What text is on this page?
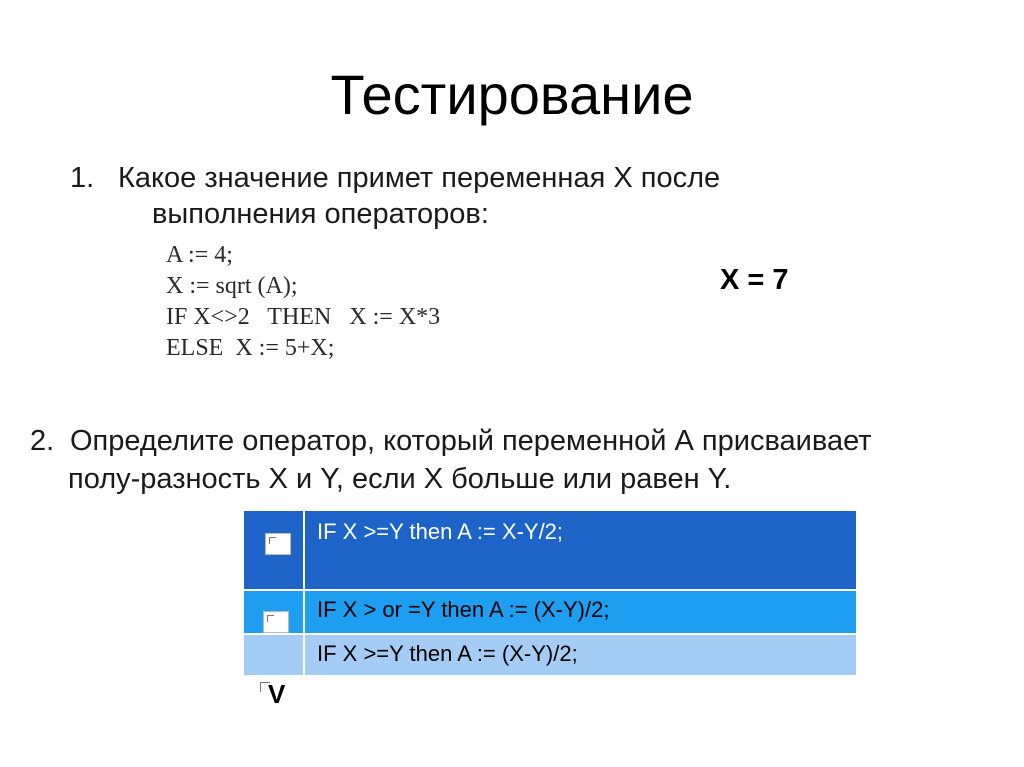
Тестирование
1. Какое значение примет переменная X после
выполнения операторов:
A := 4;
X := sqrt (A);
IF X<>2   THEN   X := X*3
ELSE  X := 5+X;
X = 7
2. Определите оператор, который переменной А присваивает
полу-разность X и Y, если X больше или равен Y.
IF X >=Y then A := X-Y/2;
IF X > or =Y then A := (X-Y)/2;
IF X >=Y then A := (X-Y)/2;
V
